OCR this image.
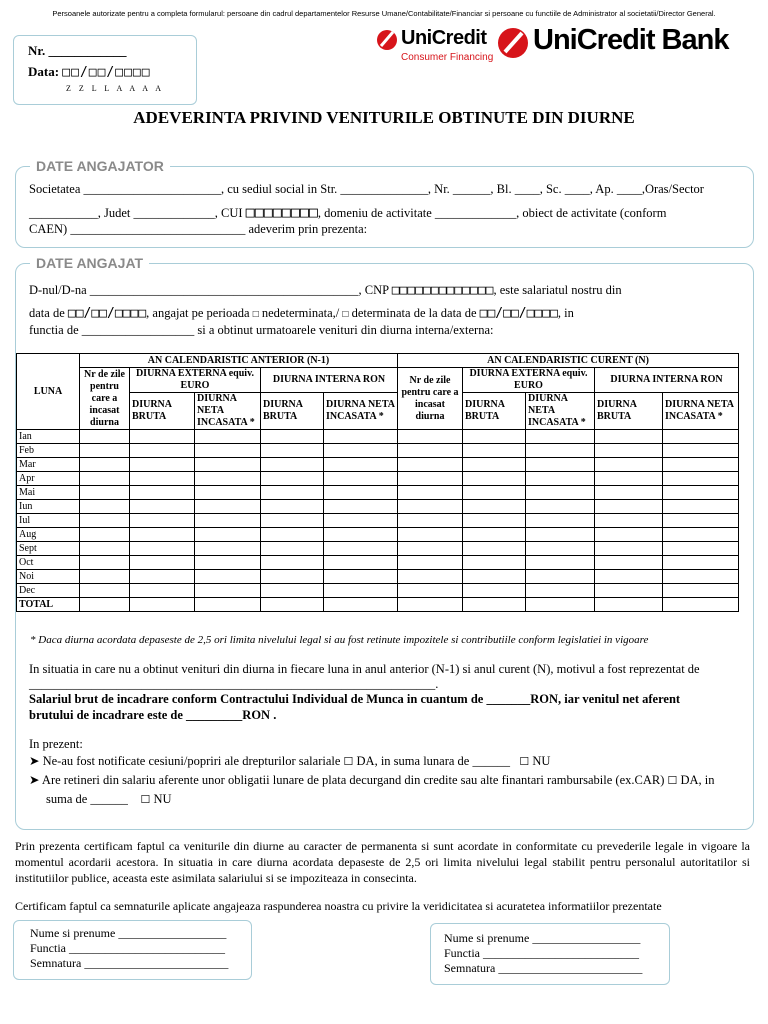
Persoanele autorizate pentru a completa formularul: persoane din cadrul departamentelor Resurse Umane/Contabilitate/Financiar si persoane cu functiile de Administrator al societatii/Director General.
Nr. ____________
Data: □□/□□/□□□□
Z Z L L A A A A
UniCredit
Consumer Financing
UniCredit Bank
ADEVERINTA PRIVIND VENITURILE OBTINUTE DIN DIURNE
DATE ANGAJATOR
Societatea ______________________, cu sediul social in Str. ______________, Nr. ______, Bl. ____, Sc. ____, Ap. ____,Oras/Sector
___________, Judet _____________, CUI □□□□□□□□, domeniu de activitate _____________, obiect de activitate (conform
CAEN) ____________________________ adeverim prin prezenta:
DATE ANGAJAT
D-nul/D-na ___________________________________________, CNP □□□□□□□□□□□□□, este salariatul nostru din
data de □□/□□/□□□□, angajat pe perioada □ nedeterminata,/ □ determinata de la data de □□/□□/□□□□, in
functia de __________________ si a obtinut urmatoarele venituri din diurna interna/externa:
LUNA	AN CALENDARISTIC ANTERIOR (N-1)					AN CALENDARISTIC CURENT (N)				
	Nr de zile pentru care a incasat diurna	DIURNA EXTERNA equiv. EURO		DIURNA INTERNA RON		Nr de zile pentru care a incasat diurna	DIURNA EXTERNA equiv. EURO		DIURNA INTERNA RON	
		DIURNA BRUTA	DIURNA NETA INCASATA *	DIURNA BRUTA	DIURNA NETA INCASATA *		DIURNA BRUTA	DIURNA NETA INCASATA *	DIURNA BRUTA	DIURNA NETA INCASATA *
Ian										
Feb										
Mar										
Apr										
Mai										
Iun										
Iul										
Aug										
Sept										
Oct										
Noi										
Dec										
TOTAL										
* Daca diurna acordata depaseste de 2,5 ori limita nivelului legal si au fost retinute impozitele si contributiile conform legislatiei in vigoare
In situatia in care nu a obtinut venituri din diurna in fiecare luna in anul anterior (N-1) si anul curent (N), motivul a fost reprezentat de
_________________________________________________________________.
Salariul brut de incadrare conform Contractului Individual de Munca in cuantum de _______RON, iar venitul net aferent
brutului de incadrare este de _________RON .
In prezent:
➤ Ne-au fost notificate cesiuni/popriri ale drepturilor salariale ☐ DA, in suma lunara de ______ ☐ NU
➤ Are retineri din salariu aferente unor obligatii lunare de plata decurgand din credite sau alte finantari rambursabile (ex.CAR) ☐ DA, in
suma de ______ ☐ NU
Prin prezenta certificam faptul ca veniturile din diurne au caracter de permanenta si sunt acordate in conformitate cu prevederile legale in vigoare la momentul acordarii acestora. In situatia in care diurna acordata depaseste de 2,5 ori limita nivelului legal stabilit pentru personalul autoritatilor si institutiilor publice, aceasta este asimilata salariului si se impoziteaza in consecinta.
Certificam faptul ca semnaturile aplicate angajeaza raspunderea noastra cu privire la veridicitatea si acuratetea informatiilor prezentate
Nume si prenume __________________
Functia __________________________
Semnatura ________________________
Nume si prenume __________________
Functia __________________________
Semnatura ________________________
